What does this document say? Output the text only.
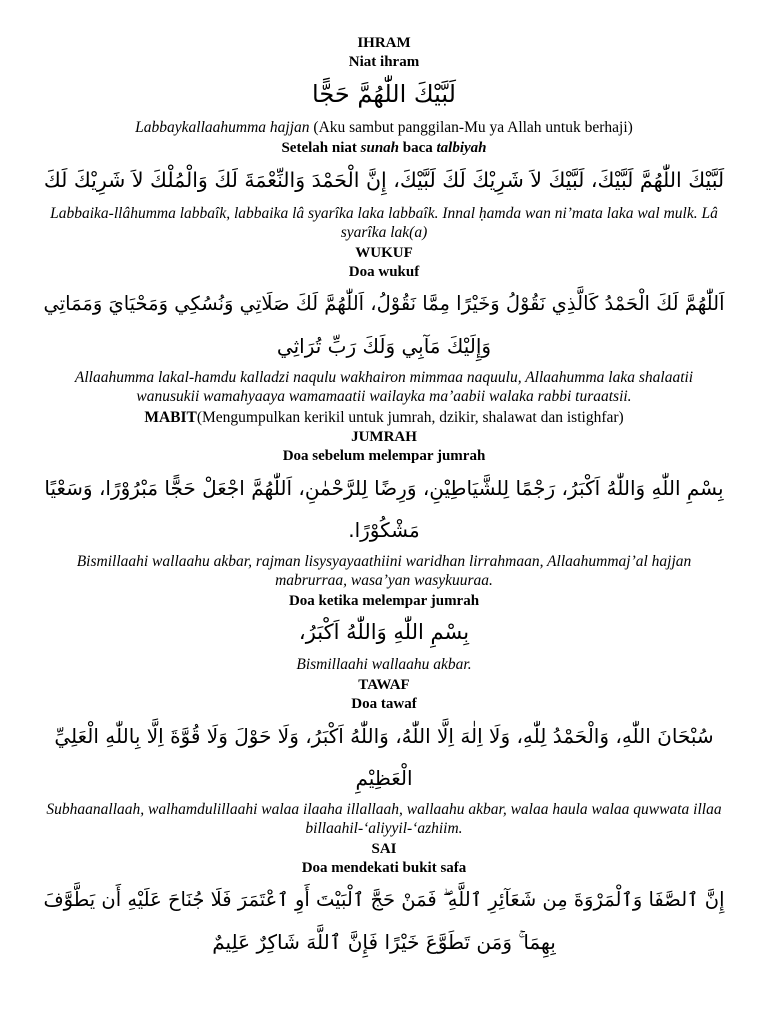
IHRAM
Niat ihram
لَبَّيْكَ اللّٰهُمَّ حَجًّا
Labbaykallaahumma hajjan (Aku sambut panggilan-Mu ya Allah untuk berhaji)
Setelah niat sunah baca talbiyah
لَبَّيْكَ اللّٰهُمَّ لَبَّيْكَ، لَبَّيْكَ لاَ شَرِيْكَ لَكَ لَبَّيْكَ، إِنَّ الْحَمْدَ وَالنِّعْمَةَ لَكَ وَالْمُلْكَ لاَ شَرِيْكَ لَكَ
Labbaika-llâhumma labbaîk, labbaika lâ syarîka laka labbaîk. Innal ḥamda wan ni’mata laka wal mulk. Lâ syarîka lak(a)
WUKUF
Doa wukuf
اَللّٰهُمَّ لَكَ الْحَمْدُ كَالَّذِي نَقُوْلُ وَخَيْرًا مِمَّا نَقُوْلُ، اَللّٰهُمَّ لَكَ صَلَاتِي وَنُسُكِي وَمَحْيَايَ وَمَمَاتِي
وَإِلَيْكَ مَآبِي وَلَكَ رَبِّ تُرَاثِي
Allaahumma lakal-hamdu kalladzi naqulu wakhairon mimmaa naquulu, Allaahumma laka shalaatii wanusukii wamahyaaya wamamaatii wailayka ma’aabii walaka rabbi turaatsii.
MABIT(Mengumpulkan kerikil untuk jumrah, dzikir, shalawat dan istighfar)
JUMRAH
Doa sebelum melempar jumrah
بِسْمِ اللّٰهِ وَاللّٰهُ اَكْبَرُ، رَجْمًا لِلشَّيَاطِيْنِ، وَرِضًا لِلرَّحْمٰنِ، اَللّٰهُمَّ اجْعَلْ حَجًّا مَبْرُوْرًا، وَسَعْيًا
مَشْكُوْرًا.
Bismillaahi wallaahu akbar, rajman lisysyayaathiini waridhan lirrahmaan, Allaahummaj’al hajjan mabrurraa, wasa’yan wasykuuraa.
Doa ketika melempar jumrah
بِسْمِ اللّٰهِ وَاللّٰهُ اَكْبَرُ،
Bismillaahi wallaahu akbar.
TAWAF
Doa tawaf
سُبْحَانَ اللّٰهِ، وَالْحَمْدُ لِلّٰهِ، وَلَا اِلٰهَ اِلَّا اللّٰهُ، وَاللّٰهُ اَكْبَرُ، وَلَا حَوْلَ وَلَا قُوَّةَ اِلَّا بِاللّٰهِ الْعَلِيِّ
الْعَظِيْمِ
Subhaanallaah, walhamdulillaahi walaa ilaaha illallaah, wallaahu akbar, walaa haula walaa quwwata illaa billaahil-‘aliyyil-‘azhiim.
SAI
Doa mendekati bukit safa
إِنَّ ٱلصَّفَا وَٱلْمَرْوَةَ مِن شَعَآئِرِ ٱللَّهِ ۖ فَمَنْ حَجَّ ٱلْبَيْتَ أَوِ ٱعْتَمَرَ فَلَا جُنَاحَ عَلَيْهِ أَن يَطَّوَّفَ
بِهِمَا ۚ وَمَن تَطَوَّعَ خَيْرًا فَإِنَّ ٱللَّهَ شَاكِرٌ عَلِيمٌ
